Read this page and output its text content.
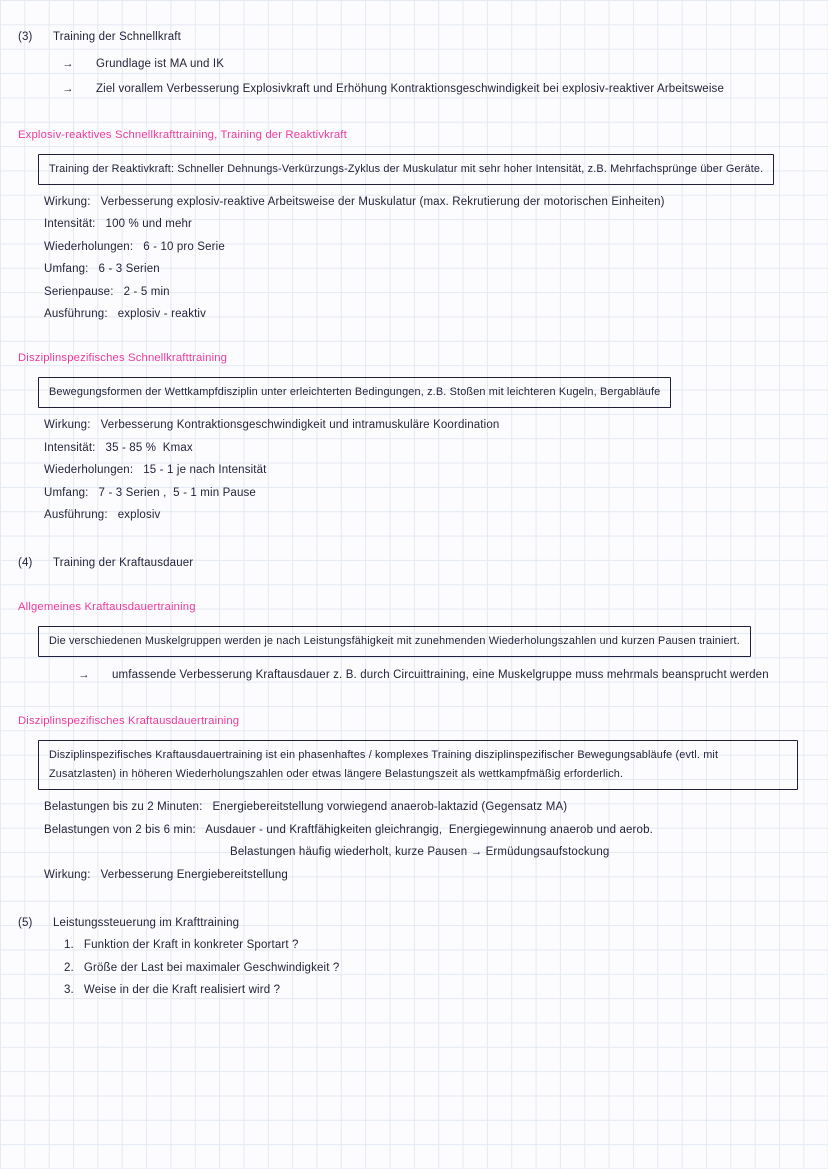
(3)	Training der Schnellkraft
→	Grundlage ist MA und IK
→	Ziel vorallem Verbesserung Explosivkraft und Erhöhung Kontraktionsgeschwindigkeit bei explosiv-reaktiver Arbeitsweise
Explosiv-reaktives Schnellkrafttraining, Training der Reaktivkraft
Training der Reaktivkraft: Schneller Dehnungs-Verkürzungs-Zyklus der Muskulatur mit sehr hoher Intensität, z.B. Mehrfachsprünge über Geräte.
Wirkung:   Verbesserung explosiv-reaktive Arbeitsweise der Muskulatur (max. Rekrutierung der motorischen Einheiten)
Intensität:   100 % und mehr
Wiederholungen:   6 - 10 pro Serie
Umfang:   6 - 3 Serien
Serienpause:   2 - 5 min
Ausführung:   explosiv - reaktiv
Disziplinspezifisches Schnellkrafttraining
Bewegungsformen der Wettkampfdisziplin unter erleichterten Bedingungen, z.B. Stoßen mit leichteren Kugeln, Bergabläufe
Wirkung:   Verbesserung Kontraktionsgeschwindigkeit und intramuskuläre Koordination
Intensität:   35 - 85 %  Kmax
Wiederholungen:   15 - 1 je nach Intensität
Umfang:   7 - 3 Serien ,  5 - 1 min Pause
Ausführung:   explosiv
(4)	Training der Kraftausdauer
Allgemeines Kraftausdauertraining
Die verschiedenen Muskelgruppen werden je nach Leistungsfähigkeit mit zunehmenden Wiederholungszahlen und kurzen Pausen trainiert.
→	umfassende Verbesserung Kraftausdauer z. B. durch Circuittraining, eine Muskelgruppe muss mehrmals beansprucht werden
Disziplinspezifisches Kraftausdauertraining
Disziplinspezifisches Kraftausdauertraining ist ein phasenhaftes / komplexes Training disziplinspezifischer Bewegungsabläufe (evtl. mit Zusatzlasten) in höheren Wiederholungszahlen oder etwas längere Belastungszeit als wettkampfmäßig erforderlich.
Belastungen bis zu 2 Minuten:   Energiebereitstellung vorwiegend anaerob-laktazid (Gegensatz MA)
Belastungen von 2 bis 6 min:   Ausdauer - und Kraftfähigkeiten gleichrangig,  Energiegewinnung anaerob und aerob.
Belastungen häufig wiederholt, kurze Pausen → Ermüdungsaufstockung
Wirkung:   Verbesserung Energiebereitstellung
(5)	Leistungssteuerung im Krafttraining
1.   Funktion der Kraft in konkreter Sportart ?
2.   Größe der Last bei maximaler Geschwindigkeit ?
3.   Weise in der die Kraft realisiert wird ?
